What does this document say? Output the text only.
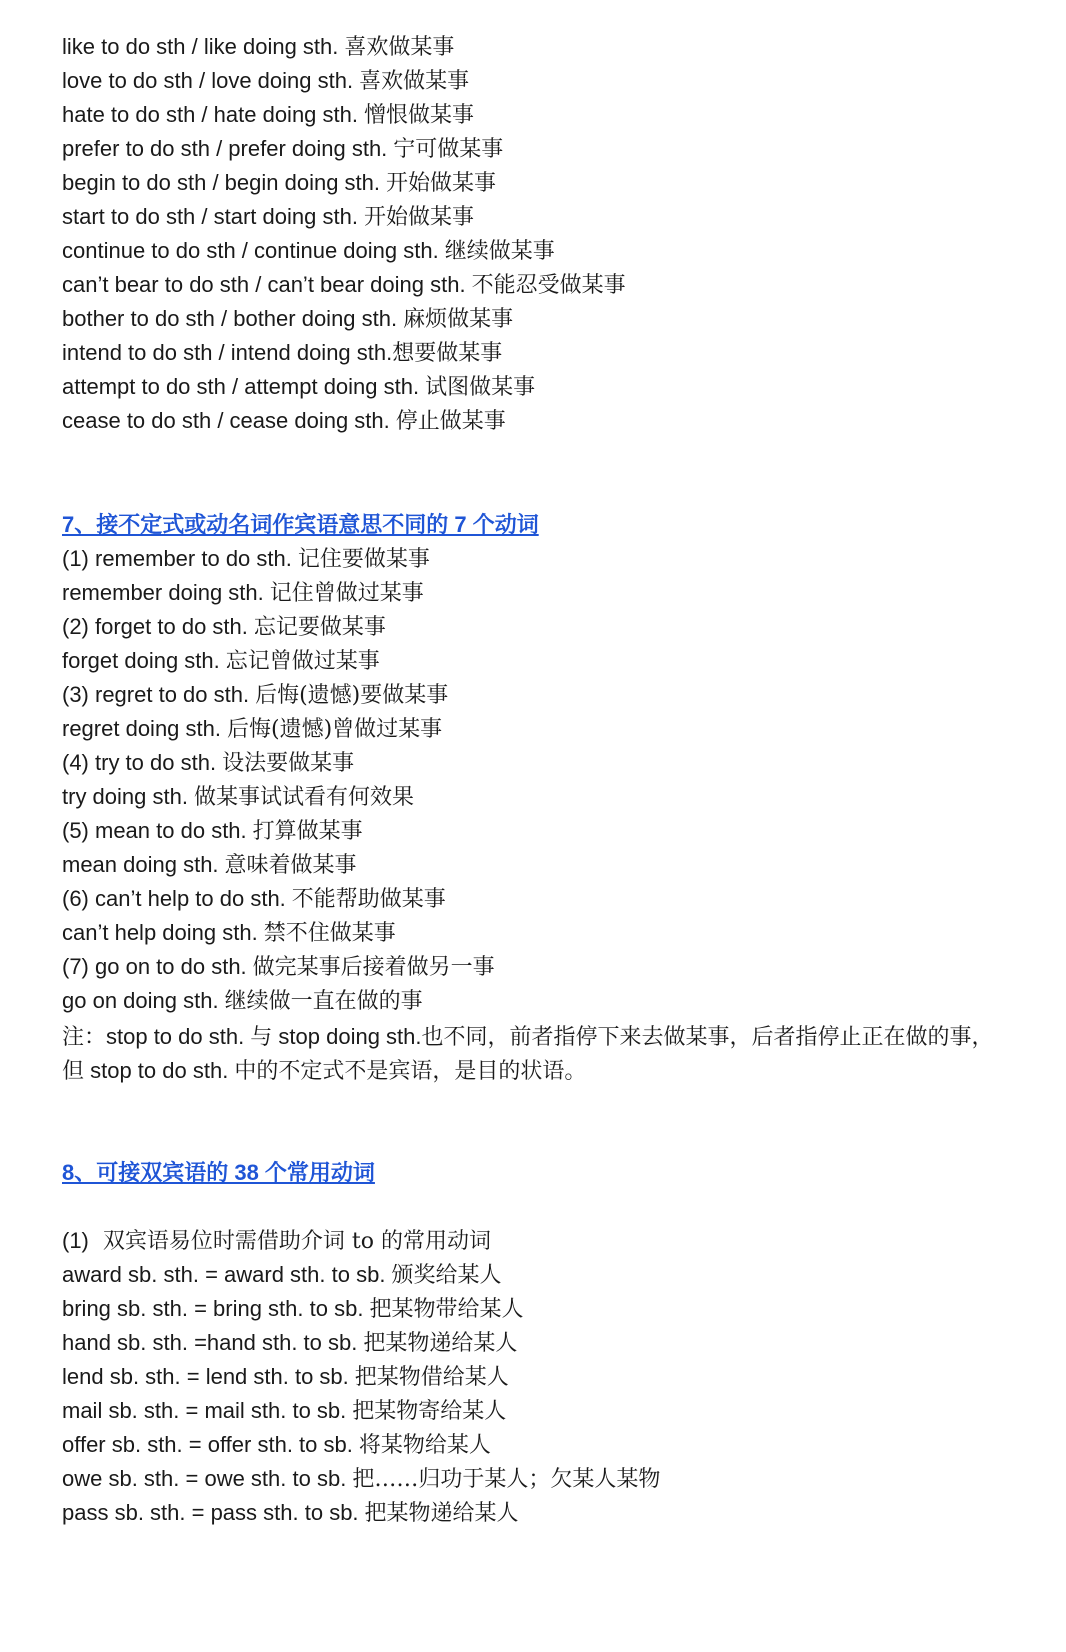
like to do sth / like doing sth. 喜欢做某事
love to do sth / love doing sth. 喜欢做某事
hate to do sth / hate doing sth. 憎恨做某事
prefer to do sth / prefer doing sth. 宁可做某事
begin to do sth / begin doing sth. 开始做某事
start to do sth / start doing sth. 开始做某事
continue to do sth / continue doing sth. 继续做某事
can’t bear to do sth / can’t bear doing sth. 不能忍受做某事
bother to do sth / bother doing sth. 麻烦做某事
intend to do sth / intend doing sth.想要做某事
attempt to do sth / attempt doing sth. 试图做某事
cease to do sth / cease doing sth. 停止做某事
7、接不定式或动名词作宾语意思不同的 7 个动词
(1) remember to do sth. 记住要做某事
remember doing sth. 记住曾做过某事
(2) forget to do sth. 忘记要做某事
forget doing sth. 忘记曾做过某事
(3) regret to do sth. 后悔(遗憾)要做某事
regret doing sth. 后悔(遗憾)曾做过某事
(4) try to do sth. 设法要做某事
try doing sth. 做某事试试看有何效果
(5) mean to do sth. 打算做某事
mean doing sth. 意味着做某事
(6) can’t help to do sth. 不能帮助做某事
can’t help doing sth. 禁不住做某事
(7) go on to do sth. 做完某事后接着做另一事
go on doing sth. 继续做一直在做的事

注：stop to do sth. 与 stop doing sth.也不同，前者指停下来去做某事，后者指停止正在做的事，但 stop to do sth. 中的不定式不是宾语，是目的状语。

8、可接双宾语的 38 个常用动词
(1) 双宾语易位时需借助介词 to 的常用动词
award sb. sth. = award sth. to sb. 颁奖给某人
bring sb. sth. = bring sth. to sb. 把某物带给某人
hand sb. sth. =hand sth. to sb. 把某物递给某人
lend sb. sth. = lend sth. to sb. 把某物借给某人
mail sb. sth. = mail sth. to sb. 把某物寄给某人
offer sb. sth. = offer sth. to sb. 将某物给某人
owe sb. sth. = owe sth. to sb. 把……归功于某人；欠某人某物
pass sb. sth. = pass sth. to sb. 把某物递给某人
